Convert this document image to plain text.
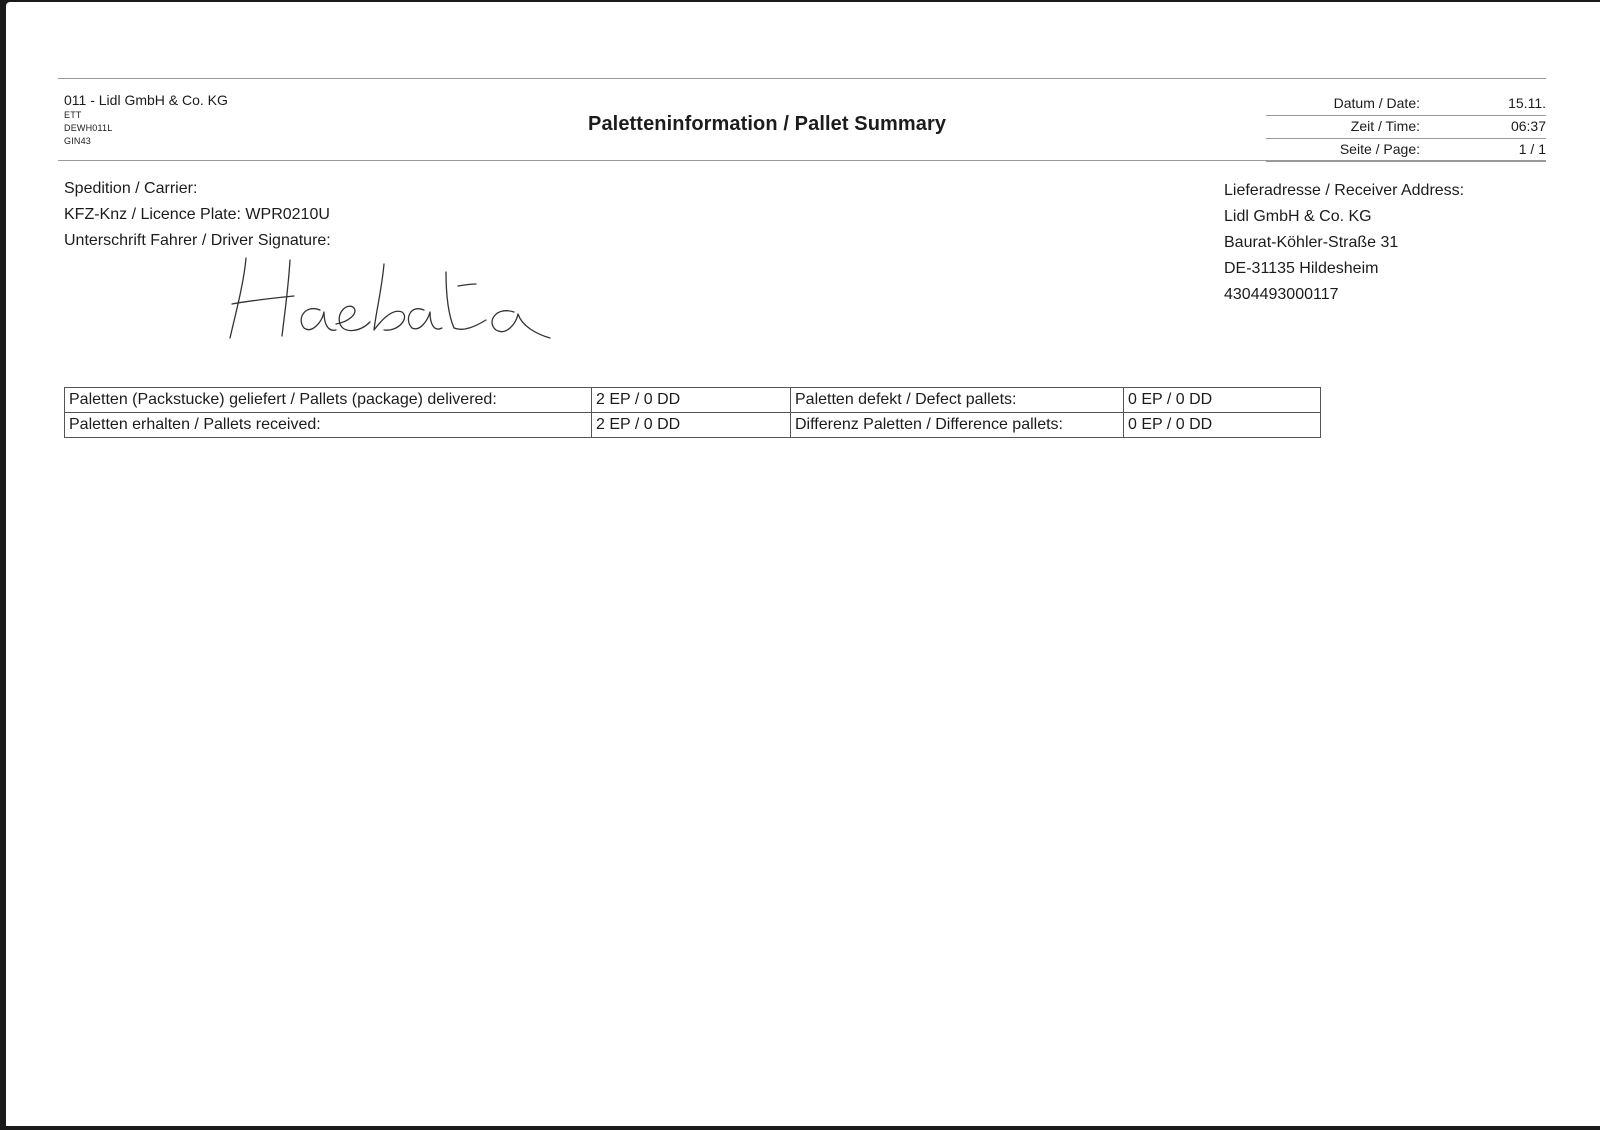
011 - Lidl GmbH & Co. KG
ETT
DEWH011L
GIN43
Paletteninformation / Pallet Summary
Datum / Date:	15.11.
Zeit / Time:	06:37
Seite / Page:	1 / 1
Spedition / Carrier:
KFZ-Knz / Licence Plate: WPR0210U
Unterschrift Fahrer / Driver Signature:
Lieferadresse / Receiver Address:
Lidl GmbH & Co. KG
Baurat-Köhler-Straße 31
DE-31135 Hildesheim
4304493000117
Paletten (Packstucke) geliefert / Pallets (package) delivered:	2 EP / 0 DD	Paletten defekt / Defect pallets:	0 EP / 0 DD
Paletten erhalten / Pallets received:	2 EP / 0 DD	Differenz Paletten / Difference pallets:	0 EP / 0 DD
